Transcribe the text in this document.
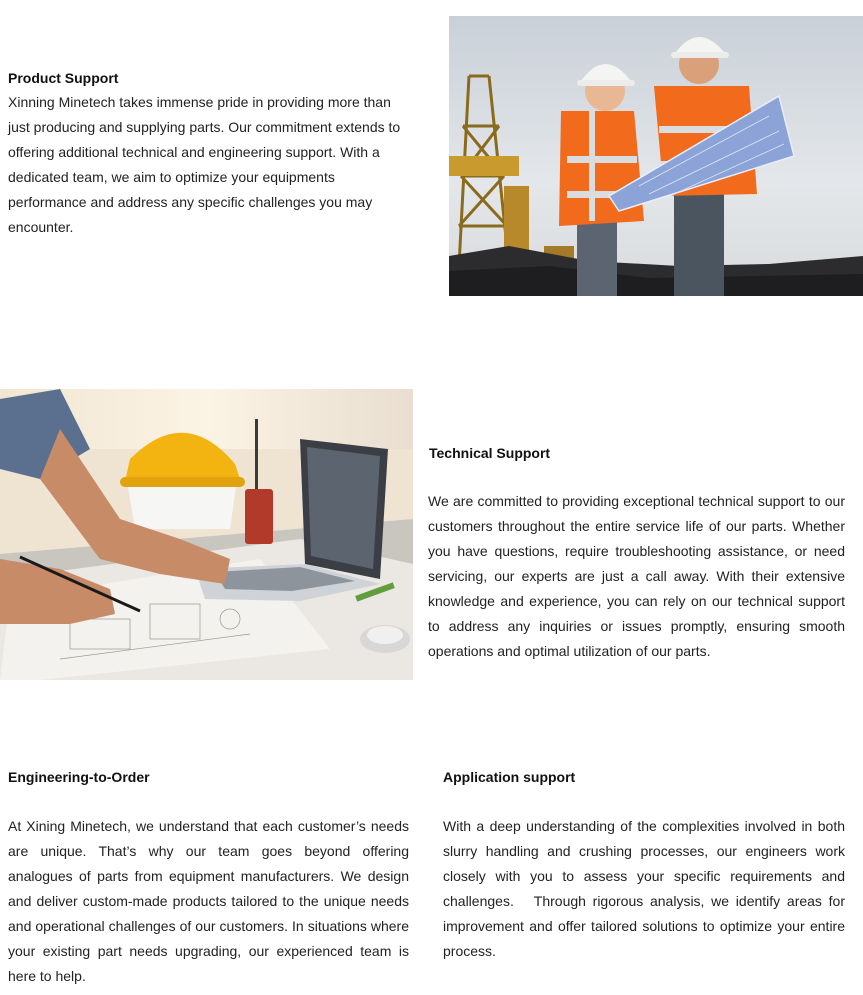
Product Support

Xinning Minetech takes immense pride in providing more than just producing and supplying parts. Our commitment extends to offering additional technical and engineering support. With a dedicated team, we aim to optimize your equipments performance and address any specific challenges you may encounter.

Technical Support

We are committed to providing exceptional technical support to our customers throughout the entire service life of our parts. Whether you have questions, require troubleshooting assistance, or need servicing, our experts are just a call away. With their extensive knowledge and experience, you can rely on our technical support to address any inquiries or issues promptly, ensuring smooth operations and optimal utilization of our parts.

Engineering-to-Order

At Xining Minetech, we understand that each customer’s needs are unique. That’s why our team goes beyond offering analogues of parts from equipment manufacturers. We design and deliver custom-made products tailored to the unique needs and operational challenges of our customers. In situations where your existing part needs upgrading, our experienced team is here to help.

Application support

With a deep understanding of the complexities involved in both slurry handling and crushing processes, our engineers work closely with you to assess your specific requirements and challenges.   Through rigorous analysis, we identify areas for improvement and offer tailored solutions to optimize your entire process.
